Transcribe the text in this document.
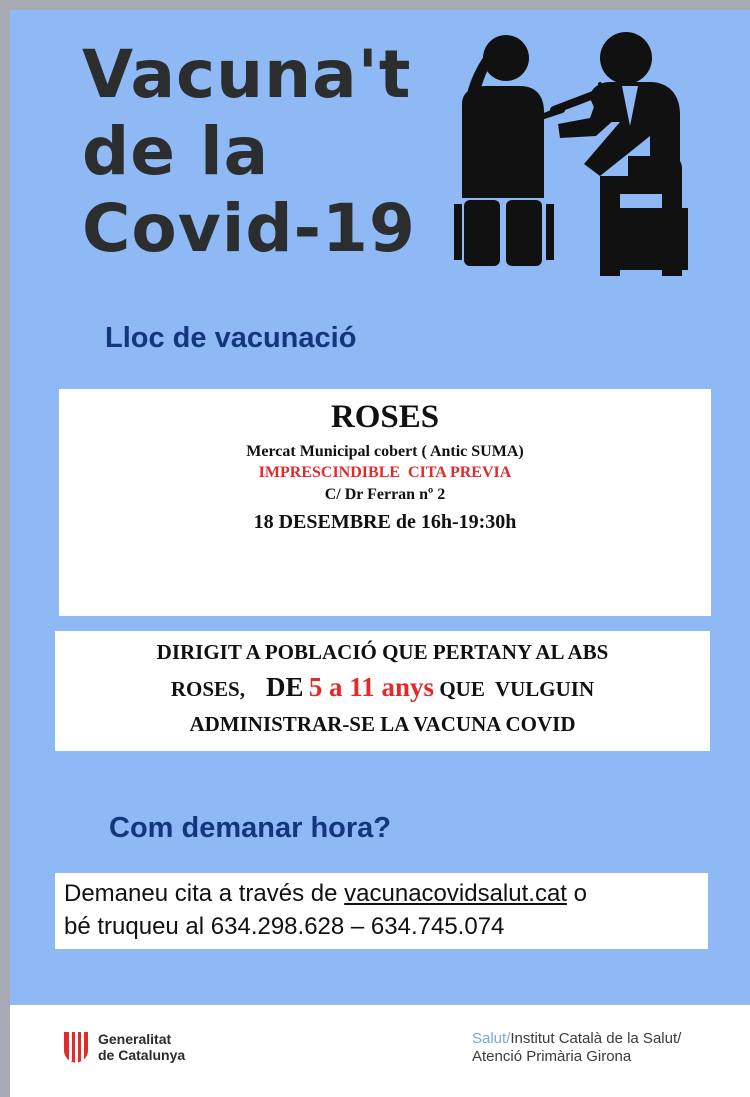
Vacuna't
de la
Covid-19
Lloc de vacunació
ROSES
Mercat Municipal cobert ( Antic SUMA)
IMPRESCINDIBLE  CITA PREVIA
C/ Dr Ferran nº 2
18 DESEMBRE de 16h-19:30h
DIRIGIT A POBLACIÓ QUE PERTANY AL ABS
ROSES, DE 5 a 11 anys QUE  VULGUIN
ADMINISTRAR-SE LA VACUNA COVID
Com demanar hora?
Demaneu cita a través de vacunacovidsalut.cat o
bé truqueu al 634.298.628 – 634.745.074
Generalitat
de Catalunya
Salut/Institut Català de la Salut/
Atenció Primària Girona
